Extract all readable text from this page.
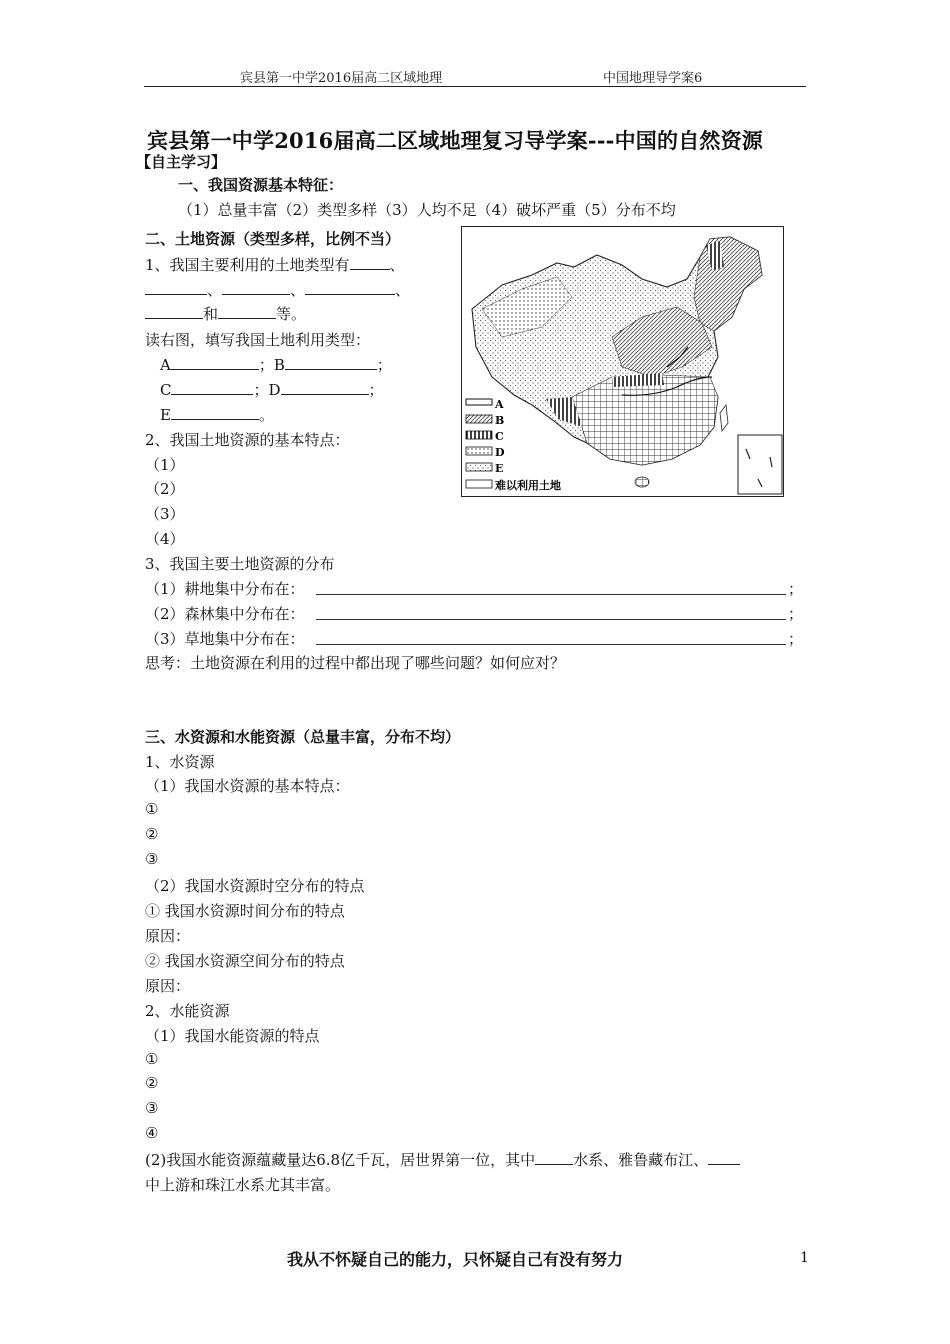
宾县第一中学2016届高二区域地理	中国地理导学案6
宾县第一中学2016届高二区域地理复习导学案---中国的自然资源
【自主学习】
一、我国资源基本特征：
（1）总量丰富（2）类型多样（3）人均不足（4）破坏严重（5）分布不均
二、土地资源（类型多样，比例不当）
1、我国主要利用的土地类型有	、
、	、	、
和	等。
读右图，填写我国土地利用类型：
A	；B	；
C	；D	；
E	。
2、我国土地资源的基本特点：
（1）
（2）
（3）
（4）
3、我国主要土地资源的分布
（1）耕地集中分布在：	；
（2）森林集中分布在：	；
（3）草地集中分布在：	；
思考：土地资源在利用的过程中都出现了哪些问题？如何应对？
A
B
C
D
E
难以利用土地
三、水资源和水能资源（总量丰富，分布不均）
1、水资源
（1）我国水资源的基本特点：
①
②
③
（2）我国水资源时空分布的特点
① 我国水资源时间分布的特点
原因：
② 我国水资源空间分布的特点
原因：
2、水能资源
（1）我国水能资源的特点
①
②
③
④
(2)我国水能资源蕴藏量达6.8亿千瓦，居世界第一位，其中	水系、雅鲁藏布江、
中上游和珠江水系尤其丰富。
我从不怀疑自己的能力，只怀疑自己有没有努力	1
